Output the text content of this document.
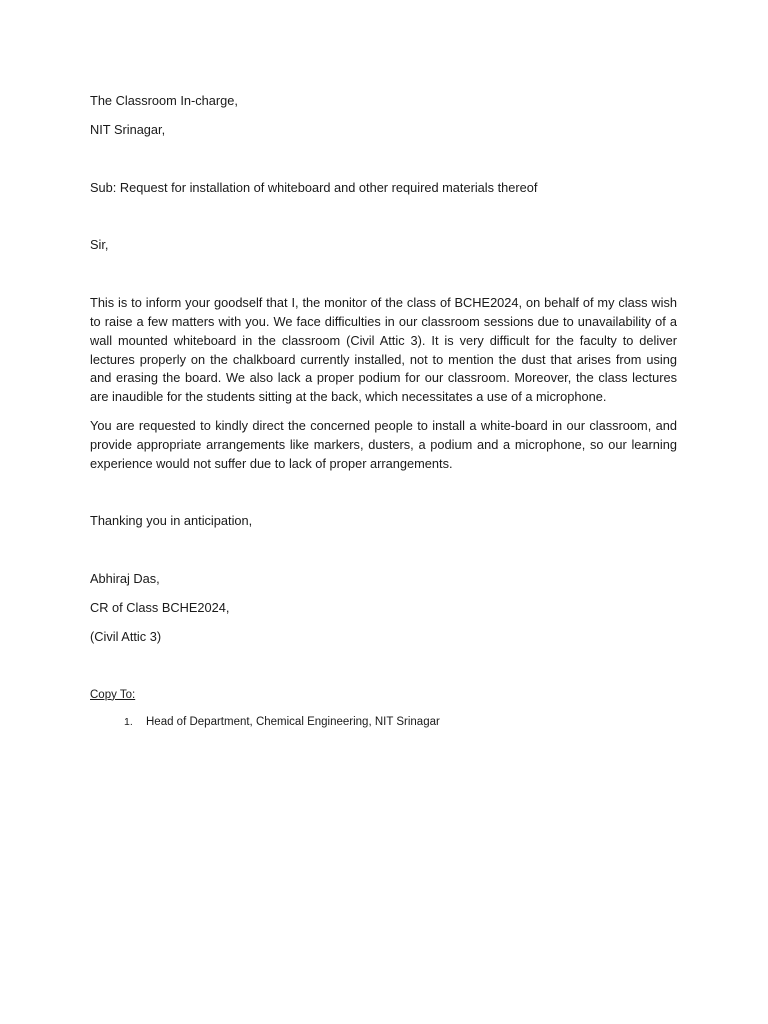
The Classroom In-charge,

NIT Srinagar,

Sub: Request for installation of whiteboard and other required materials thereof

Sir,

This is to inform your goodself that I, the monitor of the class of BCHE2024, on behalf of my class wish to raise a few matters with you. We face difficulties in our classroom sessions due to unavailability of a wall mounted whiteboard in the classroom (Civil Attic 3). It is very difficult for the faculty to deliver lectures properly on the chalkboard currently installed, not to mention the dust that arises from using and erasing the board. We also lack a proper podium for our classroom. Moreover, the class lectures are inaudible for the students sitting at the back, which necessitates a use of a microphone.

You are requested to kindly direct the concerned people to install a white-board in our classroom, and provide appropriate arrangements like markers, dusters, a podium and a microphone, so our learning experience would not suffer due to lack of proper arrangements.

Thanking you in anticipation,

Abhiraj Das,

CR of Class BCHE2024,

(Civil Attic 3)

Copy To:

1.	Head of Department, Chemical Engineering, NIT Srinagar
